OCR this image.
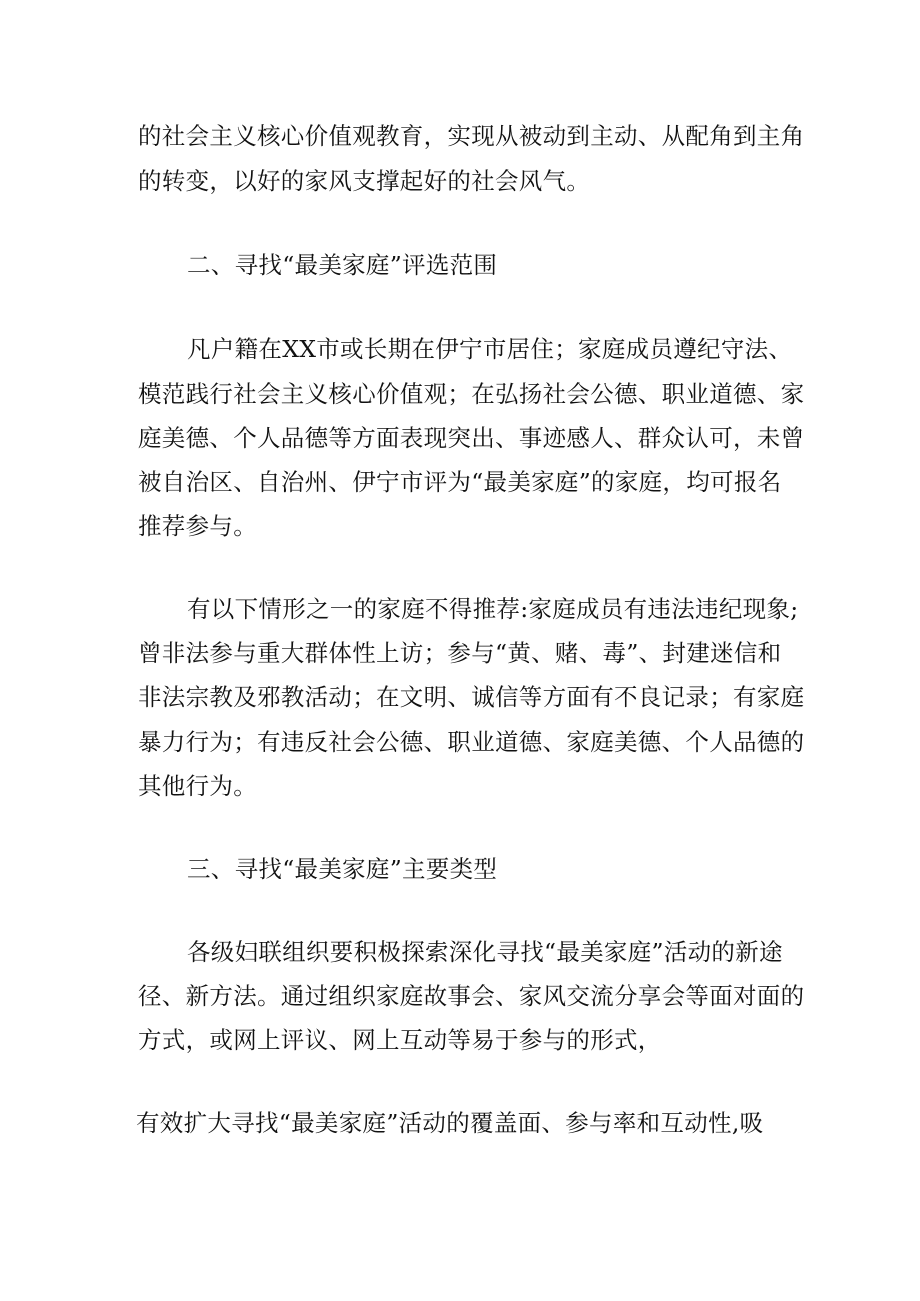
的社会主义核心价值观教育，实现从被动到主动、从配角到主角
的转变，以好的家风支撑起好的社会风气。
二、寻找“最美家庭”评选范围
凡户籍在XX市或长期在伊宁市居住；家庭成员遵纪守法、
模范践行社会主义核心价值观；在弘扬社会公德、职业道德、家
庭美德、个人品德等方面表现突出、事迹感人、群众认可，未曾
被自治区、自治州、伊宁市评为“最美家庭”的家庭，均可报名
推荐参与。
有以下情形之一的家庭不得推荐:家庭成员有违法违纪现象;
曾非法参与重大群体性上访；参与“黄、赌、毒”、封建迷信和
非法宗教及邪教活动；在文明、诚信等方面有不良记录；有家庭
暴力行为；有违反社会公德、职业道德、家庭美德、个人品德的
其他行为。
三、寻找“最美家庭”主要类型
各级妇联组织要积极探索深化寻找“最美家庭”活动的新途
径、新方法。通过组织家庭故事会、家风交流分享会等面对面的
方式，或网上评议、网上互动等易于参与的形式，
有效扩大寻找“最美家庭”活动的覆盖面、参与率和互动性,吸
